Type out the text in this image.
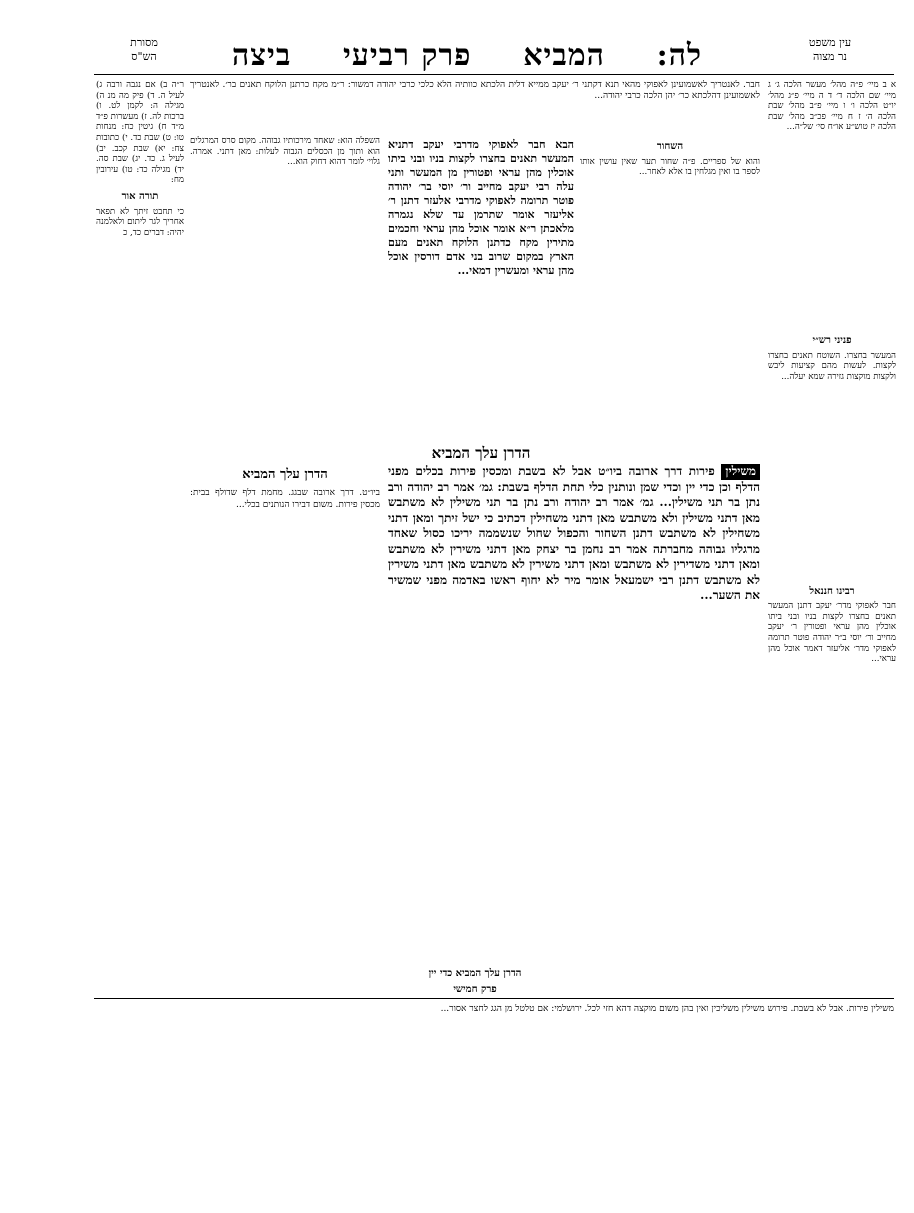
מסורת
הש"ס
עין משפט
נר מצוה
לה:
המביא
פרק רביעי
ביצה
ר״ה ב) אם נגבה ורבה ג) לעיל ה. ד) פיק מה מנ ה) מגילה ה: לקמן לט. ו) ברכות לה. ז) מעשרות פ״ד מ״ד ח) גיטין כח: מנחות טו: ט) שבת כד. י) כתובות צח: יא) שבת קכב. יב) לעיל ג. כד. יג) שבת סה. יד) מגילה כד: טו) עירובין מח:
תורה אור
כי תחבט זיתך לא תפאר אחריך לגר ליתום ולאלמנה יהיה: דברים כד, כ
חבר. לאנטריך לאשמועינן לאפוקי מהאי תנא דקתני ר׳ יעקב ממייא דלית הלכתא כוותיה הלא כלכי כרבי יהודה דמשור: ר״מ מקח כרתנן הלוקח תאנים בר׳. לאנטריך לאשמועינן דהלכתא כר׳ יהן הלכה כרבי יהודה...
א ב מיי׳ פ״ה מהל׳ מעשר הלכה ג׳ ג מיי׳ שם הלכה ד׳ ד ה מיי׳ פ״ג מהל׳ יו״ט הלכה ו׳ ו מיי׳ פ״ב מהל׳ שבת הלכה ה׳ ז ח מיי׳ פכ״ב מהל׳ שבת הלכה יז טוש״ע או״ח סי׳ של״ה...
פניני רש״י
המעשר בחצרו. השוטח תאנים בחצרו לקצות. לעשות מהם קציעות ליבש ולקצות מוקצות גזירה שמא יעלה...
רבינו חננאל
חבר לאפוקי מדר׳ יעקב דתנן המעשר תאנים בחצרו לקצות בניו ובני ביתו אוכלין מהן עראי ופטורין ר׳ יעקב מחייב ור׳ יוסי ב״ר יהודה פוטר תרומה לאפוקי מדר׳ אליעזר דאמר אוכל מהן עראי...
השפלה הוא: שאחד מירכותיו גבוהה. מקום סרס המרגלים הוא ותוך מן הכסלים הגבוה לעלות: מאן דתני. אמרה. גלוי׳ לומר דהוא דחוק הוא...
השחור
והוא של ספריים. פ״ה שחור תער שאין עושין אותו לספר בו ואין מגלחין בו אלא לאחר...
הבא חבר לאפוקי מדרבי יעקב דתניא המעשר תאנים בחצרו לקצות בניו ובני ביתו אוכלין מהן עראי ופטורין מן המעשר ותני עלה רבי יעקב מחייב ור׳ יוסי בר׳ יהודה פוטר תרומה לאפוקי מדרבי אלעזר דתנן ר׳ אליעזר אומר שתרמן עד שלא נגמרה מלאכתן ר״א אומר אוכל מהן עראי וחכמים מתירין מקח כדתנן הלוקח תאנים מעם הארץ במקום שרוב בני אדם דורסין אוכל מהן עראי ומעשרין דמאי...
הדרן עלך המביא
הדרן עלך המביא	משילין פירות דרך ארובה ביו״ט אבל לא בשבת ומכסין פירות בכלים מפני הדלף וכן כדי יין וכדי שמן ונותנין כלי תחת הדלף בשבת: גמ׳ אמר רב יהודה ורב נתן בר תני משילין... גמ׳ אמר רב יהודה ורב נתן בר תני משילין לא משתבש מאן דתני משילין ולא משתבש מאן דתני משחילין דכתיב כי ישל זיתך ומאן דתני משחילין לא משתבש דתנן השחור והכפול שחול שנשממה יריכו כסול שאחד מרגליו גבוהה מחברתה אמר רב נחמן בר יצחק מאן דתני משירין לא משתבש ומאן דתני משדירין לא משתבש ומאן דתני משירין לא משתבש מאן דתני משירין לא משתבש דתנן רבי ישמעאל אומר מיר לא יחוף ראשו באדמה מפני שמשיר את השער...
ביו״ט. דרך ארובה שבגג. מחמת דלף שדולף בבית: מכסין פירות. משום דבירו הנותנים בכלי...
הדרן עלך המביא כדי יין
פרק חמישי
משילין פירות. אבל לא בשבת. פירוש משילין משליכין ואין בהן משום מוקצה דהא חזי לכל. ירושלמי: אם טלטל מן הגג לחצר אסור...
